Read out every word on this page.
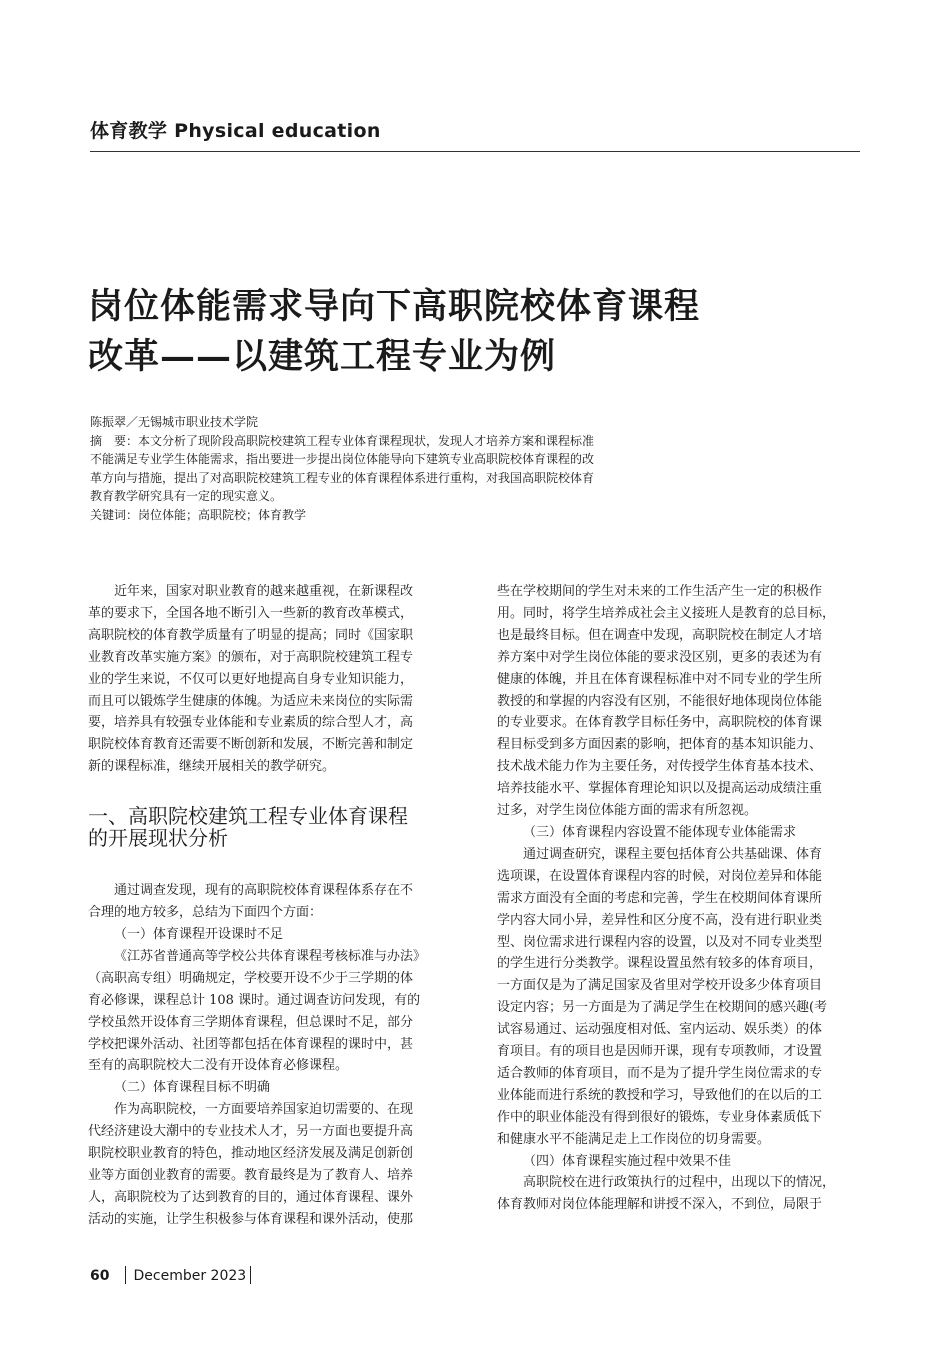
体育教学 Physical education
岗位体能需求导向下高职院校体育课程
改革——以建筑工程专业为例

陈振翠／无锡城市职业技术学院

摘　要：本文分析了现阶段高职院校建筑工程专业体育课程现状，发现人才培养方案和课程标准
不能满足专业学生体能需求，指出要进一步提出岗位体能导向下建筑专业高职院校体育课程的改
革方向与措施，提出了对高职院校建筑工程专业的体育课程体系进行重构，对我国高职院校体育
教育教学研究具有一定的现实意义。

关键词：岗位体能；高职院校；体育教学

近年来，国家对职业教育的越来越重视，在新课程改
革的要求下，全国各地不断引入一些新的教育改革模式，
高职院校的体育教学质量有了明显的提高；同时《国家职
业教育改革实施方案》的颁布，对于高职院校建筑工程专
业的学生来说，不仅可以更好地提高自身专业知识能力，
而且可以锻炼学生健康的体魄。为适应未来岗位的实际需
要，培养具有较强专业体能和专业素质的综合型人才，高
职院校体育教育还需要不断创新和发展，不断完善和制定
新的课程标准，继续开展相关的教学研究。
一、高职院校建筑工程专业体育课程
的开展现状分析
通过调查发现，现有的高职院校体育课程体系存在不
合理的地方较多，总结为下面四个方面：
（一）体育课程开设课时不足
《江苏省普通高等学校公共体育课程考核标准与办法》
（高职高专组）明确规定，学校要开设不少于三学期的体
育必修课，课程总计 108 课时。通过调查访问发现，有的
学校虽然开设体育三学期体育课程，但总课时不足，部分
学校把课外活动、社团等都包括在体育课程的课时中，甚
至有的高职院校大二没有开设体育必修课程。
（二）体育课程目标不明确
作为高职院校，一方面要培养国家迫切需要的、在现
代经济建设大潮中的专业技术人才，另一方面也要提升高
职院校职业教育的特色，推动地区经济发展及满足创新创
业等方面创业教育的需要。教育最终是为了教育人、培养
人，高职院校为了达到教育的目的，通过体育课程、课外
活动的实施，让学生积极参与体育课程和课外活动，使那
些在学校期间的学生对未来的工作生活产生一定的积极作
用。同时，将学生培养成社会主义接班人是教育的总目标，
也是最终目标。但在调查中发现，高职院校在制定人才培
养方案中对学生岗位体能的要求没区别，更多的表述为有
健康的体魄，并且在体育课程标准中对不同专业的学生所
教授的和掌握的内容没有区别，不能很好地体现岗位体能
的专业要求。在体育教学目标任务中，高职院校的体育课
程目标受到多方面因素的影响，把体育的基本知识能力、
技术战术能力作为主要任务，对传授学生体育基本技术、
培养技能水平、掌握体育理论知识以及提高运动成绩注重
过多，对学生岗位体能方面的需求有所忽视。
（三）体育课程内容设置不能体现专业体能需求
通过调查研究，课程主要包括体育公共基础课、体育
选项课，在设置体育课程内容的时候，对岗位差异和体能
需求方面没有全面的考虑和完善，学生在校期间体育课所
学内容大同小异，差异性和区分度不高，没有进行职业类
型、岗位需求进行课程内容的设置，以及对不同专业类型
的学生进行分类教学。课程设置虽然有较多的体育项目，
一方面仅是为了满足国家及省里对学校开设多少体育项目
设定内容；另一方面是为了满足学生在校期间的感兴趣(考
试容易通过、运动强度相对低、室内运动、娱乐类）的体
育项目。有的项目也是因师开课，现有专项教师，才设置
适合教师的体育项目，而不是为了提升学生岗位需求的专
业体能而进行系统的教授和学习，导致他们的在以后的工
作中的职业体能没有得到很好的锻炼，专业身体素质低下
和健康水平不能满足走上工作岗位的切身需要。
（四）体育课程实施过程中效果不佳
高职院校在进行政策执行的过程中，出现以下的情况，
体育教师对岗位体能理解和讲授不深入，不到位，局限于
60 December 2023
